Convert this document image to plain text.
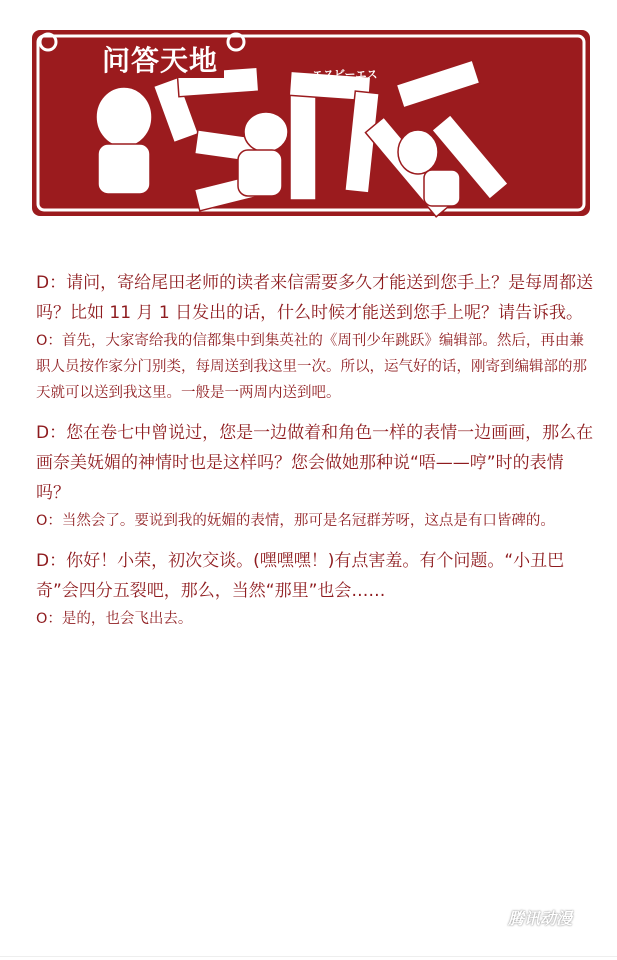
问答天地	エスビーエス

D：请问，寄给尾田老师的读者来信需要多久才能送到您手上？是每周都送吗？比如 11 月 1 日发出的话，什么时候才能送到您手上呢？请告诉我。

O：首先，大家寄给我的信都集中到集英社的《周刊少年跳跃》编辑部。然后，再由兼职人员按作家分门别类，每周送到我这里一次。所以，运气好的话，刚寄到编辑部的那天就可以送到我这里。一般是一两周内送到吧。

D：您在卷七中曾说过，您是一边做着和角色一样的表情一边画画，那么在画奈美妩媚的神情时也是这样吗？您会做她那种说“唔——哼”时的表情吗？

O：当然会了。要说到我的妩媚的表情，那可是名冠群芳呀，这点是有口皆碑的。

D：你好！小荣，初次交谈。(嘿嘿嘿！)有点害羞。有个问题。“小丑巴奇”会四分五裂吧，那么，当然“那里”也会……

O：是的，也会飞出去。

腾讯动漫
